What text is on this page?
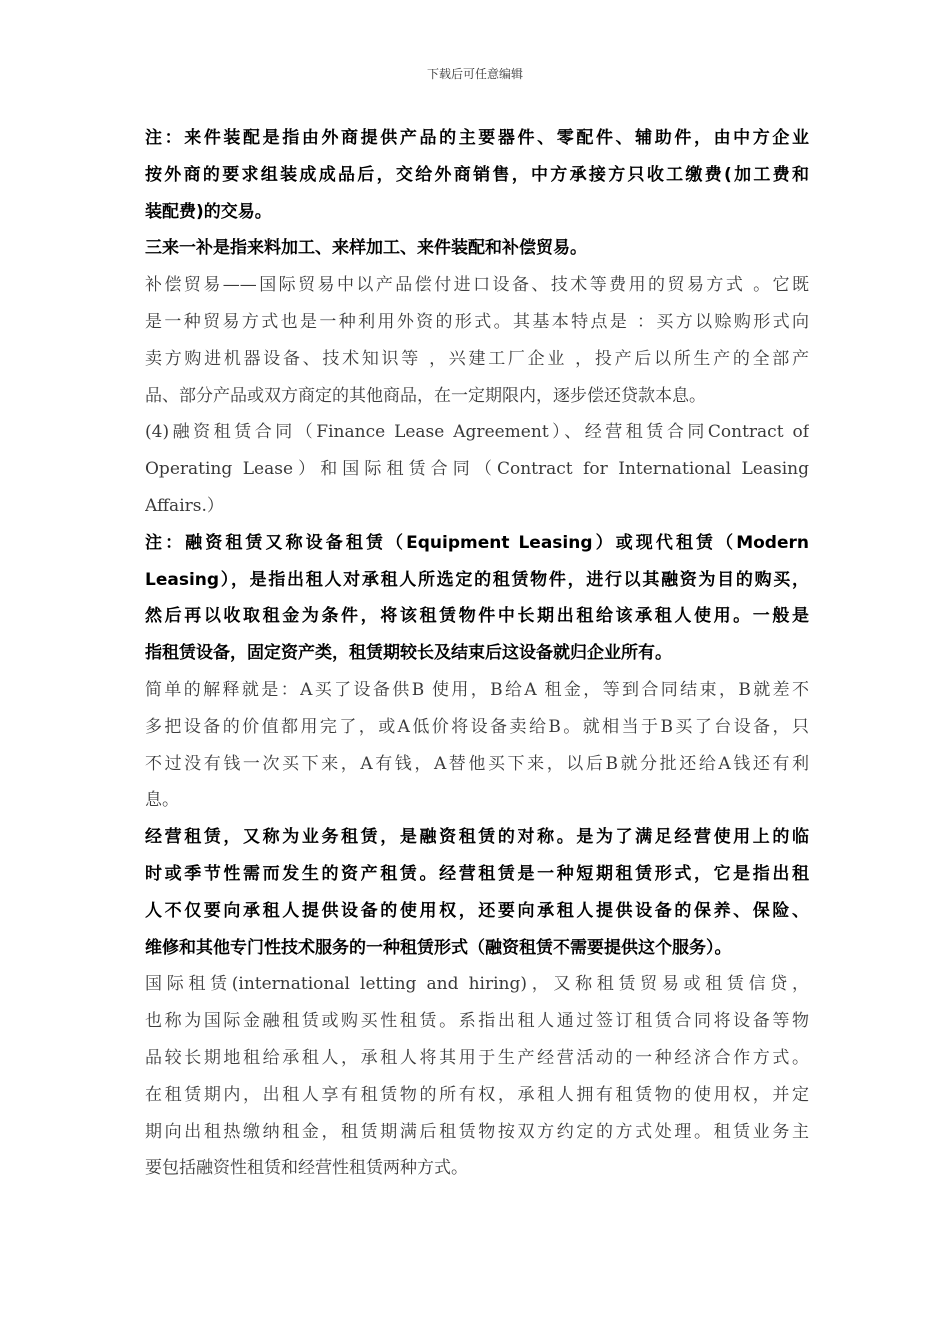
下载后可任意编辑
注：来件装配是指由外商提供产品的主要器件、零配件、辅助件，由中方企业
按外商的要求组装成成品后，交给外商销售，中方承接方只收工缴费(加工费和
装配费)的交易。
三来一补是指来料加工、来样加工、来件装配和补偿贸易。
补偿贸易——国际贸易中以产品偿付进口设备、技术等费用的贸易方式 。它既
是一种贸易方式也是一种利用外资的形式。其基本特点是 ：买方以赊购形式向
卖方购进机器设备、技术知识等 ，兴建工厂企业 ，投产后以所生产的全部产
品、部分产品或双方商定的其他商品，在一定期限内，逐步偿还贷款本息。
(4)融资租赁合同（Finance Lease Agreement）、经营租赁合同Contract of
Operating Lease）和国际租赁合同（Contract for International Leasing
Affairs.）
注：融资租赁又称设备租赁（Equipment Leasing）或现代租赁（Modern
Leasing），是指出租人对承租人所选定的租赁物件，进行以其融资为目的购买，
然后再以收取租金为条件，将该租赁物件中长期出租给该承租人使用。一般是
指租赁设备，固定资产类，租赁期较长及结束后这设备就归企业所有。
简单的解释就是：A买了设备供B 使用，B给A 租金，等到合同结束，B就差不
多把设备的价值都用完了，或A低价将设备卖给B。就相当于B买了台设备，只
不过没有钱一次买下来，A有钱，A替他买下来，以后B就分批还给A钱还有利
息。
经营租赁，又称为业务租赁，是融资租赁的对称。是为了满足经营使用上的临
时或季节性需而发生的资产租赁。经营租赁是一种短期租赁形式，它是指出租
人不仅要向承租人提供设备的使用权，还要向承租人提供设备的保养、保险、
维修和其他专门性技术服务的一种租赁形式（融资租赁不需要提供这个服务）。
国际租赁(international letting and hiring)，又称租赁贸易或租赁信贷，
也称为国际金融租赁或购买性租赁。系指出租人通过签订租赁合同将设备等物
品较长期地租给承租人，承租人将其用于生产经营活动的一种经济合作方式。
在租赁期内，出租人享有租赁物的所有权，承租人拥有租赁物的使用权，并定
期向出租热缴纳租金，租赁期满后租赁物按双方约定的方式处理。租赁业务主
要包括融资性租赁和经营性租赁两种方式。
